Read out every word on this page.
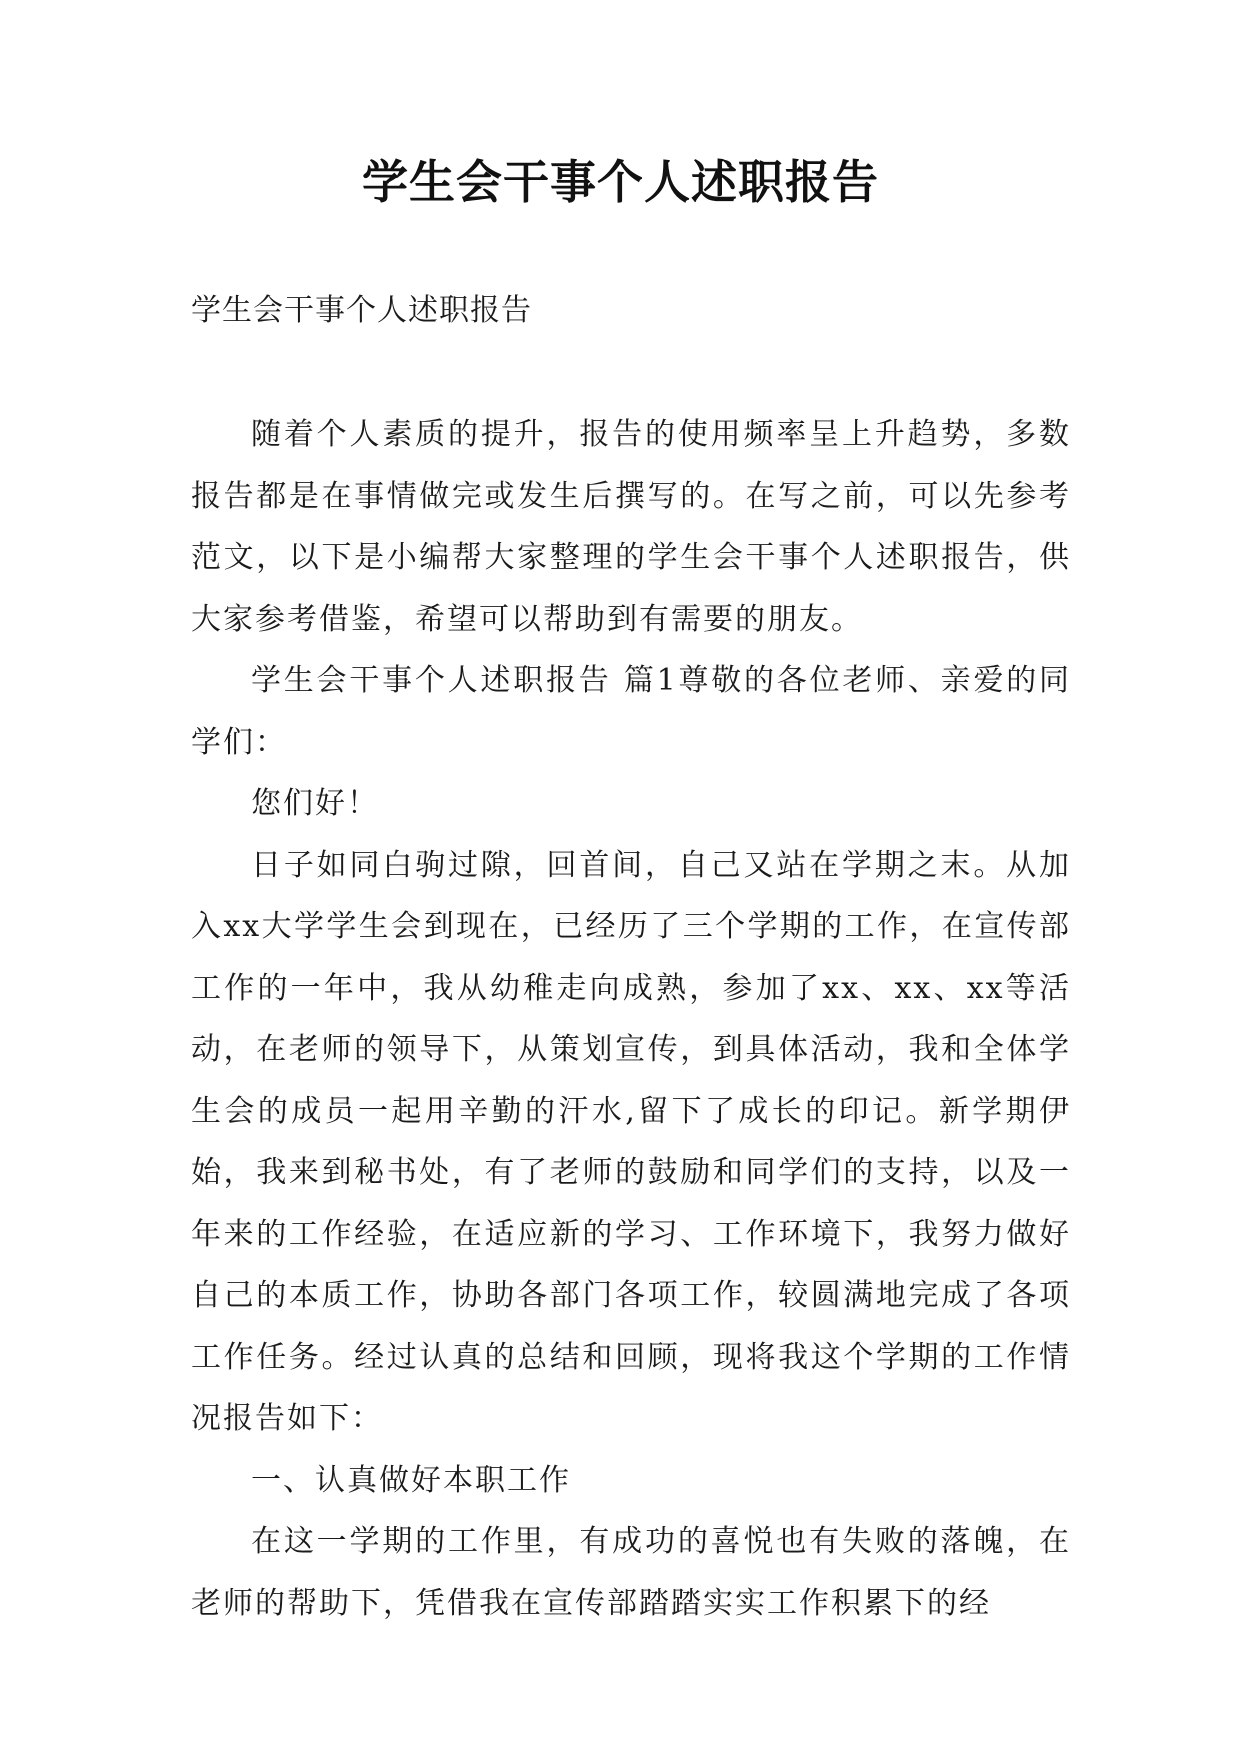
学生会干事个人述职报告
学生会干事个人述职报告

随着个人素质的提升，报告的使用频率呈上升趋势，多数报告都是在事情做完或发生后撰写的。在写之前，可以先参考范文，以下是小编帮大家整理的学生会干事个人述职报告，供大家参考借鉴，希望可以帮助到有需要的朋友。

学生会干事个人述职报告 篇1尊敬的各位老师、亲爱的同学们：

您们好！

日子如同白驹过隙，回首间，自己又站在学期之末。从加入xx大学学生会到现在，已经历了三个学期的工作，在宣传部工作的一年中，我从幼稚走向成熟，参加了xx、xx、xx等活动，在老师的领导下，从策划宣传，到具体活动，我和全体学生会的成员一起用辛勤的汗水,留下了成长的印记。新学期伊始，我来到秘书处，有了老师的鼓励和同学们的支持，以及一年来的工作经验，在适应新的学习、工作环境下，我努力做好自己的本质工作，协助各部门各项工作，较圆满地完成了各项工作任务。经过认真的总结和回顾，现将我这个学期的工作情况报告如下：

一、认真做好本职工作

在这一学期的工作里，有成功的喜悦也有失败的落魄，在老师的帮助下，凭借我在宣传部踏踏实实工作积累下的经
